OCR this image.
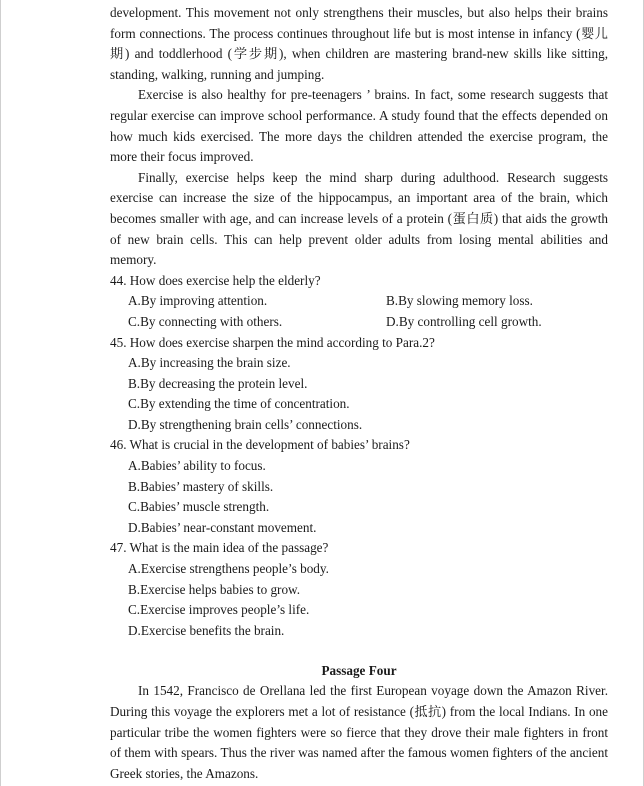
development. This movement not only strengthens their muscles, but also helps their brains form connections. The process continues throughout life but is most intense in infancy (婴儿期) and toddlerhood (学步期), when children are mastering brand-new skills like sitting, standing, walking, running and jumping.

Exercise is also healthy for pre-teenagers ’ brains. In fact, some research suggests that regular exercise can improve school performance. A study found that the effects depended on how much kids exercised. The more days the children attended the exercise program, the more their focus improved.

Finally, exercise helps keep the mind sharp during adulthood. Research suggests exercise can increase the size of the hippocampus, an important area of the brain, which becomes smaller with age, and can increase levels of a protein (蛋白质) that aids the growth of new brain cells. This can help prevent older adults from losing mental abilities and memory.

44. How does exercise help the elderly?

A.By improving attention.	B.By slowing memory loss.
C.By connecting with others.	D.By controlling cell growth.

45. How does exercise sharpen the mind according to Para.2?

A.By increasing the brain size.

B.By decreasing the protein level.

C.By extending the time of concentration.

D.By strengthening brain cells’ connections.

46. What is crucial in the development of babies’ brains?

A.Babies’ ability to focus.

B.Babies’ mastery of skills.

C.Babies’ muscle strength.

D.Babies’ near-constant movement.

47. What is the main idea of the passage?

A.Exercise strengthens people’s body.

B.Exercise helps babies to grow.

C.Exercise improves people’s life.

D.Exercise benefits the brain.

Passage Four

In 1542, Francisco de Orellana led the first European voyage down the Amazon River. During this voyage the explorers met a lot of resistance (抵抗) from the local Indians. In one particular tribe the women fighters were so fierce that they drove their male fighters in front of them with spears. Thus the river was named after the famous women fighters of the ancient Greek stories, the Amazons.
